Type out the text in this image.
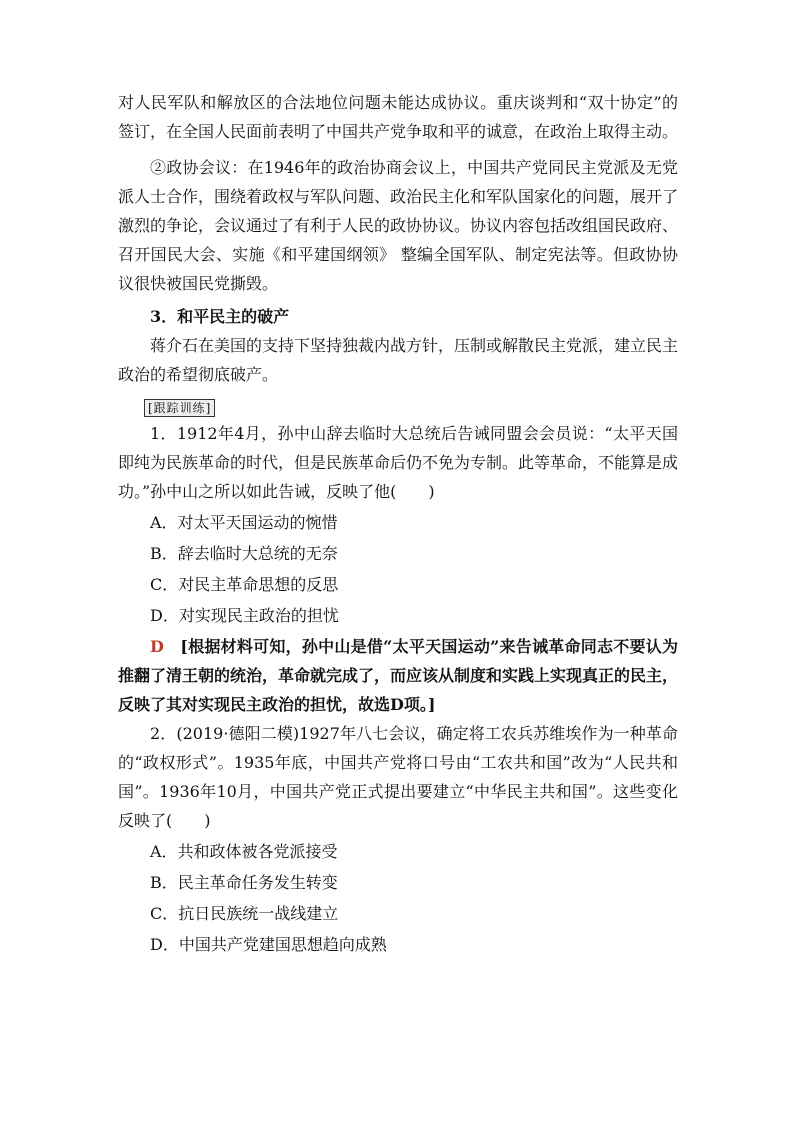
对人民军队和解放区的合法地位问题未能达成协议。重庆谈判和“双十协定”的签订，在全国人民面前表明了中国共产党争取和平的诚意，在政治上取得主动。

②政协会议：在1946年的政治协商会议上，中国共产党同民主党派及无党派人士合作，围绕着政权与军队问题、政治民主化和军队国家化的问题，展开了激烈的争论，会议通过了有利于人民的政协协议。协议内容包括改组国民政府、召开国民大会、实施《和平建国纲领》 整编全国军队、制定宪法等。但政协协议很快被国民党撕毁。

3．和平民主的破产

蒋介石在美国的支持下坚持独裁内战方针，压制或解散民主党派，建立民主政治的希望彻底破产。

[跟踪训练]

1．1912年4月，孙中山辞去临时大总统后告诫同盟会会员说：“太平天国即纯为民族革命的时代，但是民族革命后仍不免为专制。此等革命，不能算是成功。”孙中山之所以如此告诫，反映了他(　　)

A．对太平天国运动的惋惜
B．辞去临时大总统的无奈
C．对民主革命思想的反思
D．对实现民主政治的担忧

D　[根据材料可知，孙中山是借“太平天国运动”来告诫革命同志不要认为推翻了清王朝的统治，革命就完成了，而应该从制度和实践上实现真正的民主，反映了其对实现民主政治的担忧，故选D项。]

2．(2019·德阳二模)1927年八七会议，确定将工农兵苏维埃作为一种革命的“政权形式”。1935年底，中国共产党将口号由“工农共和国”改为“人民共和国”。1936年10月，中国共产党正式提出要建立“中华民主共和国”。这些变化反映了(　　)

A．共和政体被各党派接受
B．民主革命任务发生转变
C．抗日民族统一战线建立
D．中国共产党建国思想趋向成熟
